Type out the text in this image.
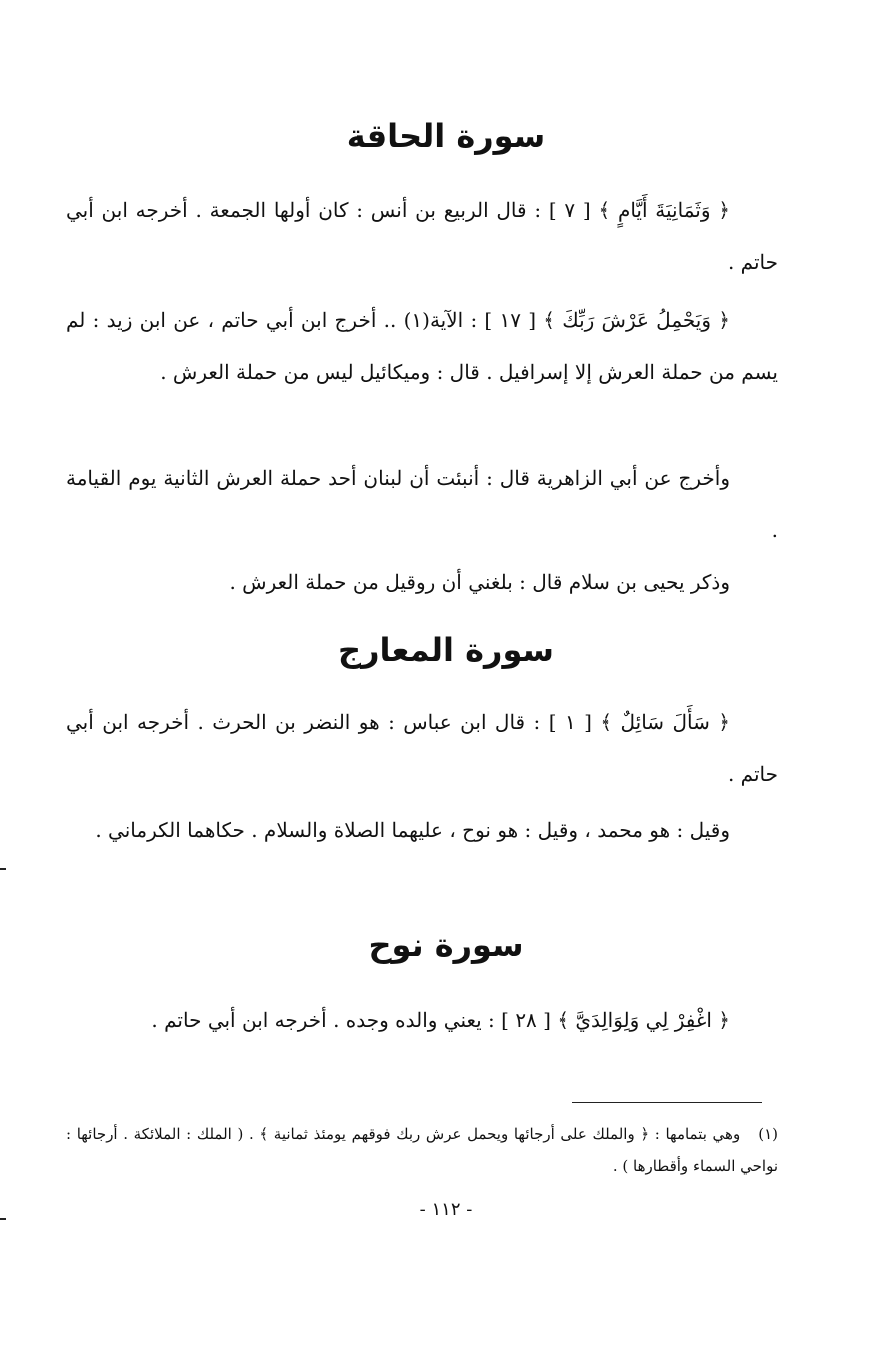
سورة الحاقة
﴿ وَثَمَانِيَةَ أَيَّامٍ ﴾ [ ٧ ] : قال الربيع بن أنس : كان أولها الجمعة . أخرجه ابن أبي حاتم .
﴿ وَيَحْمِلُ عَرْشَ رَبِّكَ ﴾ [ ١٧ ] : الآية(١) .. أخرج ابن أبي حاتم ، عن ابن زيد : لم يسم من حملة العرش إلا إسرافيل . قال : وميكائيل ليس من حملة العرش .
وأخرج عن أبي الزاهرية قال : أنبئت أن لبنان أحد حملة العرش الثانية يوم القيامة .
وذكر يحيى بن سلام قال : بلغني أن روقيل من حملة العرش .
سورة المعارج
﴿ سَأَلَ سَائِلٌ ﴾ [ ١ ] : قال ابن عباس : هو النضر بن الحرث . أخرجه ابن أبي حاتم .
وقيل : هو محمد ، وقيل : هو نوح ، عليهما الصلاة والسلام . حكاهما الكرماني .
سورة نوح
﴿ اغْفِرْ لِي وَلِوَالِدَيَّ ﴾ [ ٢٨ ] : يعني والده وجده . أخرجه ابن أبي حاتم .
(١)وهي بتمامها : ﴿ والملك على أرجائها ويحمل عرش ربك فوقهم يومئذ ثمانية ﴾ . ( الملك : الملائكة . أرجائها : نواحي السماء وأقطارها ) .
- ١١٢ -
